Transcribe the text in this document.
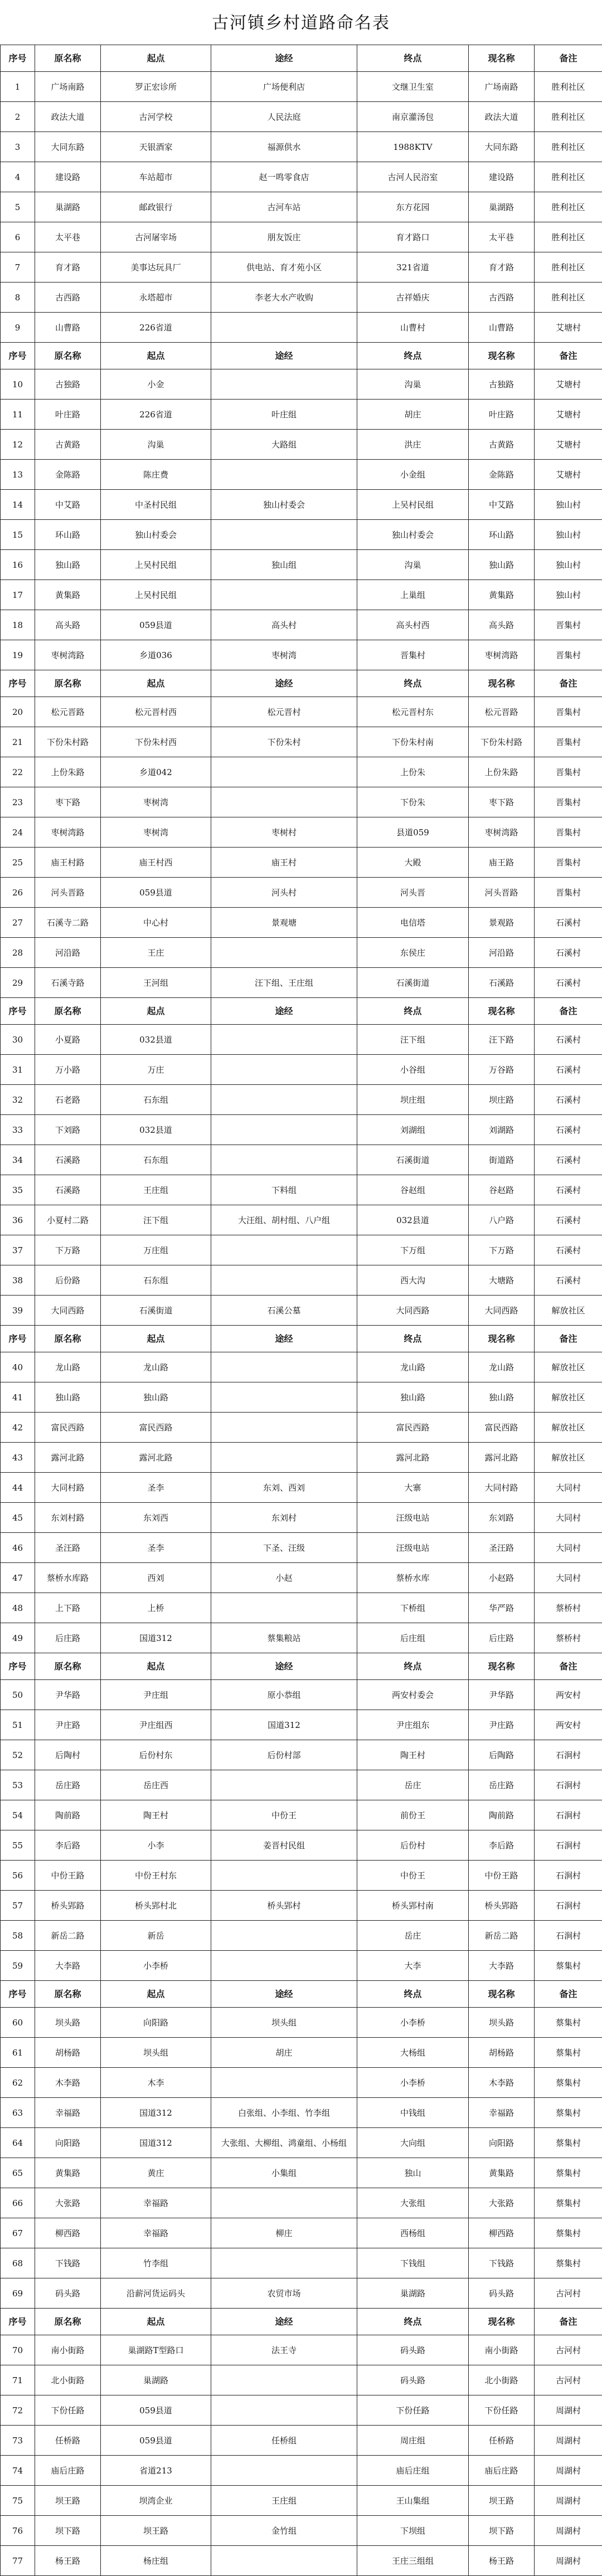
古河镇乡村道路命名表
序号	原名称	起点	途经	终点	现名称	备注
1	广场南路	罗正宏诊所	广场便利店	文继卫生室	广场南路	胜利社区
2	政法大道	古河学校	人民法庭	南京灌汤包	政法大道	胜利社区
3	大同东路	天银酒家	福源供水	1988KTV	大同东路	胜利社区
4	建设路	车站超市	赵一鸣零食店	古河人民浴室	建设路	胜利社区
5	巢湖路	邮政银行	古河车站	东方花园	巢湖路	胜利社区
6	太平巷	古河屠宰场	朋友饭庄	育才路口	太平巷	胜利社区
7	育才路	美事达玩具厂	供电站、育才苑小区	321省道	育才路	胜利社区
8	古西路	永塔超市	李老大水产收购	古祥婚庆	古西路	胜利社区
9	山曹路	226省道		山曹村	山曹路	艾塘村
序号	原名称	起点	途经	终点	现名称	备注
10	古独路	小金		沟巢	古独路	艾塘村
11	叶庄路	226省道	叶庄组	胡庄	叶庄路	艾塘村
12	古黄路	沟巢	大路组	洪庄	古黄路	艾塘村
13	金陈路	陈庄费		小金组	金陈路	艾塘村
14	中艾路	中圣村民组	独山村委会	上吴村民组	中艾路	独山村
15	环山路	独山村委会		独山村委会	环山路	独山村
16	独山路	上吴村民组	独山组	沟巢	独山路	独山村
17	黄集路	上吴村民组		上巢组	黄集路	独山村
18	高头路	059县道	高头村	高头村西	高头路	晋集村
19	枣树湾路	乡道036	枣树湾	晋集村	枣树湾路	晋集村
序号	原名称	起点	途经	终点	现名称	备注
20	松元晋路	松元晋村西	松元晋村	松元晋村东	松元晋路	晋集村
21	下份朱村路	下份朱村西	下份朱村	下份朱村南	下份朱村路	晋集村
22	上份朱路	乡道042		上份朱	上份朱路	晋集村
23	枣下路	枣树湾		下份朱	枣下路	晋集村
24	枣树湾路	枣树湾	枣树村	县道059	枣树湾路	晋集村
25	庙王村路	庙王村西	庙王村	大殿	庙王路	晋集村
26	河头晋路	059县道	河头村	河头晋	河头晋路	晋集村
27	石溪寺二路	中心村	景观塘	电信塔	景观路	石溪村
28	河沿路	王庄		东侯庄	河沿路	石溪村
29	石溪寺路	王河组	汪下组、王庄组	石溪街道	石溪路	石溪村
序号	原名称	起点	途经	终点	现名称	备注
30	小夏路	032县道		汪下组	汪下路	石溪村
31	万小路	万庄		小谷组	万谷路	石溪村
32	石老路	石东组		坝庄组	坝庄路	石溪村
33	下刘路	032县道		刘湖组	刘湖路	石溪村
34	石溪路	石东组		石溪街道	街道路	石溪村
35	石溪路	王庄组	下料组	谷赵组	谷赵路	石溪村
36	小夏村二路	汪下组	大汪组、胡村组、八户组	032县道	八户路	石溪村
37	下万路	万庄组		下万组	下万路	石溪村
38	后份路	石东组		西大沟	大塘路	石溪村
39	大同西路	石溪街道	石溪公墓	大同西路	大同西路	解放社区
序号	原名称	起点	途经	终点	现名称	备注
40	龙山路	龙山路		龙山路	龙山路	解放社区
41	独山路	独山路		独山路	独山路	解放社区
42	富民西路	富民西路		富民西路	富民西路	解放社区
43	露河北路	露河北路		露河北路	露河北路	解放社区
44	大同村路	圣李	东刘、西刘	大寨	大同村路	大同村
45	东刘村路	东刘西	东刘村	汪级电站	东刘路	大同村
46	圣汪路	圣李	下圣、汪级	汪级电站	圣汪路	大同村
47	蔡桥水库路	西刘	小赵	蔡桥水库	小赵路	大同村
48	上下路	上桥		下桥组	华严路	蔡桥村
49	后庄路	国道312	蔡集粮站	后庄组	后庄路	蔡桥村
序号	原名称	起点	途经	终点	现名称	备注
50	尹华路	尹庄组	原小恭组	两安村委会	尹华路	两安村
51	尹庄路	尹庄组西	国道312	尹庄组东	尹庄路	两安村
52	后陶村	后份村东	后份村部	陶王村	后陶路	石涧村
53	岳庄路	岳庄西		岳庄	岳庄路	石涧村
54	陶前路	陶王村	中份王	前份王	陶前路	石涧村
55	李后路	小李	姜晋村民组	后份村	李后路	石涧村
56	中份王路	中份王村东		中份王	中份王路	石涧村
57	桥头郢路	桥头郢村北	桥头郢村	桥头郢村南	桥头郢路	石涧村
58	新岳二路	新岳		岳庄	新岳二路	石涧村
59	大李路	小李桥		大李	大李路	蔡集村
序号	原名称	起点	途经	终点	现名称	备注
60	坝头路	向阳路	坝头组	小李桥	坝头路	蔡集村
61	胡杨路	坝头组	胡庄	大杨组	胡杨路	蔡集村
62	木李路	木李		小李桥	木李路	蔡集村
63	幸福路	国道312	白张组、小李组、竹李组	中钱组	幸福路	蔡集村
64	向阳路	国道312	大张组、大柳组、鸿童组、小杨组	大向组	向阳路	蔡集村
65	黄集路	黄庄	小集组	独山	黄集路	蔡集村
66	大张路	幸福路		大张组	大张路	蔡集村
67	柳西路	幸福路	柳庄	西杨组	柳西路	蔡集村
68	下钱路	竹李组		下钱组	下钱路	蔡集村
69	码头路	沿薪河货运码头	农贸市场	巢湖路	码头路	古河村
序号	原名称	起点	途经	终点	现名称	备注
70	南小街路	巢湖路T型路口	法王寺	码头路	南小街路	古河村
71	北小街路	巢湖路		码头路	北小街路	古河村
72	下份任路	059县道		下份任路	下份任路	周湖村
73	任桥路	059县道	任桥组	周庄组	任桥路	周湖村
74	庙后庄路	省道213		庙后庄组	庙后庄路	周湖村
75	坝王路	坝湾企业	王庄组	王山集组	坝王路	周湖村
76	坝下路	坝王路	金竹组	下坝组	坝下路	周湖村
77	杨王路	杨庄组		王庄三组组	杨王路	周湖村
